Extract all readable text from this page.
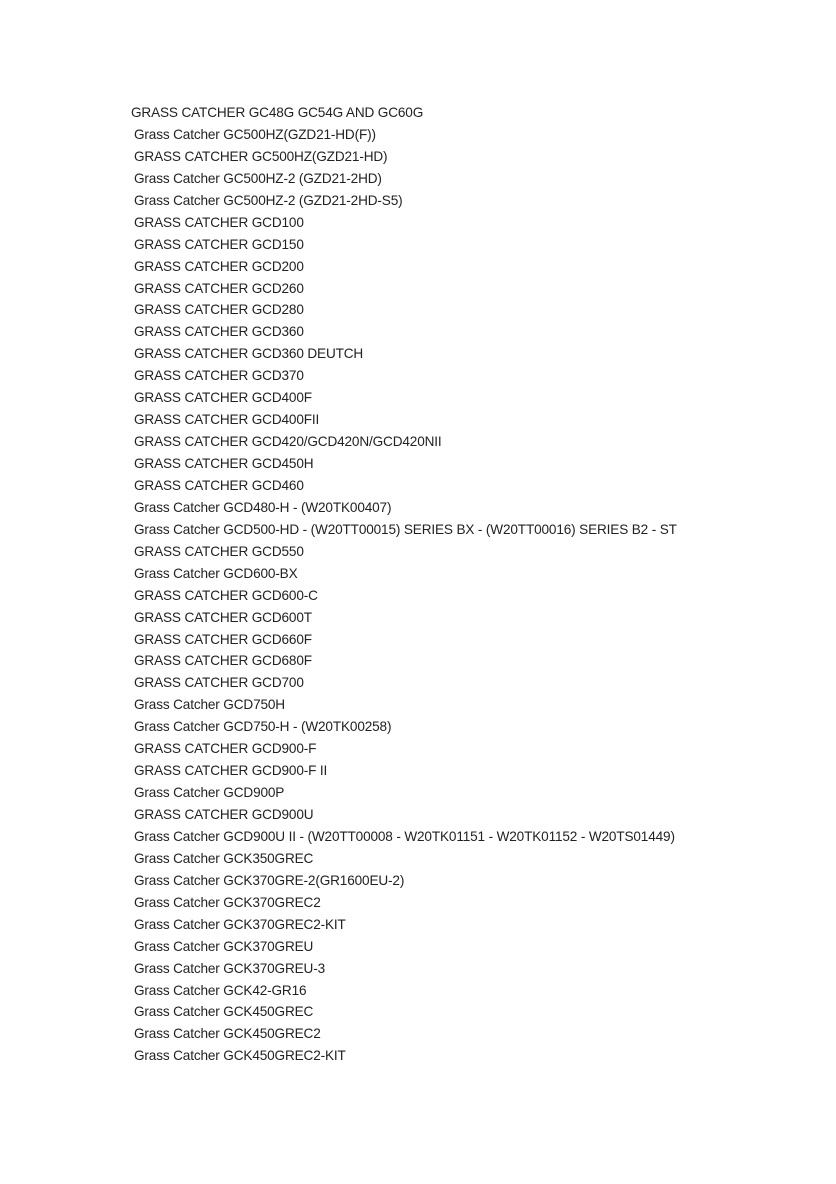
GRASS CATCHER GC48G GC54G AND GC60G
Grass Catcher GC500HZ(GZD21-HD(F))
GRASS CATCHER GC500HZ(GZD21-HD)
Grass Catcher GC500HZ-2 (GZD21-2HD)
Grass Catcher GC500HZ-2 (GZD21-2HD-S5)
GRASS CATCHER GCD100
GRASS CATCHER GCD150
GRASS CATCHER GCD200
GRASS CATCHER GCD260
GRASS CATCHER GCD280
GRASS CATCHER GCD360
GRASS CATCHER GCD360 DEUTCH
GRASS CATCHER GCD370
GRASS CATCHER GCD400F
GRASS CATCHER GCD400FII
GRASS CATCHER GCD420/GCD420N/GCD420NII
GRASS CATCHER GCD450H
GRASS CATCHER GCD460
Grass Catcher GCD480-H - (W20TK00407)
Grass Catcher GCD500-HD - (W20TT00015) SERIES BX - (W20TT00016) SERIES B2 - ST
GRASS CATCHER GCD550
Grass Catcher GCD600-BX
GRASS CATCHER GCD600-C
GRASS CATCHER GCD600T
GRASS CATCHER GCD660F
GRASS CATCHER GCD680F
GRASS CATCHER GCD700
Grass Catcher GCD750H
Grass Catcher GCD750-H - (W20TK00258)
GRASS CATCHER GCD900-F
GRASS CATCHER GCD900-F II
Grass Catcher GCD900P
GRASS CATCHER GCD900U
Grass Catcher GCD900U II - (W20TT00008 - W20TK01151 - W20TK01152 - W20TS01449)
Grass Catcher GCK350GREC
Grass Catcher GCK370GRE-2(GR1600EU-2)
Grass Catcher GCK370GREC2
Grass Catcher GCK370GREC2-KIT
Grass Catcher GCK370GREU
Grass Catcher GCK370GREU-3
Grass Catcher GCK42-GR16
Grass Catcher GCK450GREC
Grass Catcher GCK450GREC2
Grass Catcher GCK450GREC2-KIT
